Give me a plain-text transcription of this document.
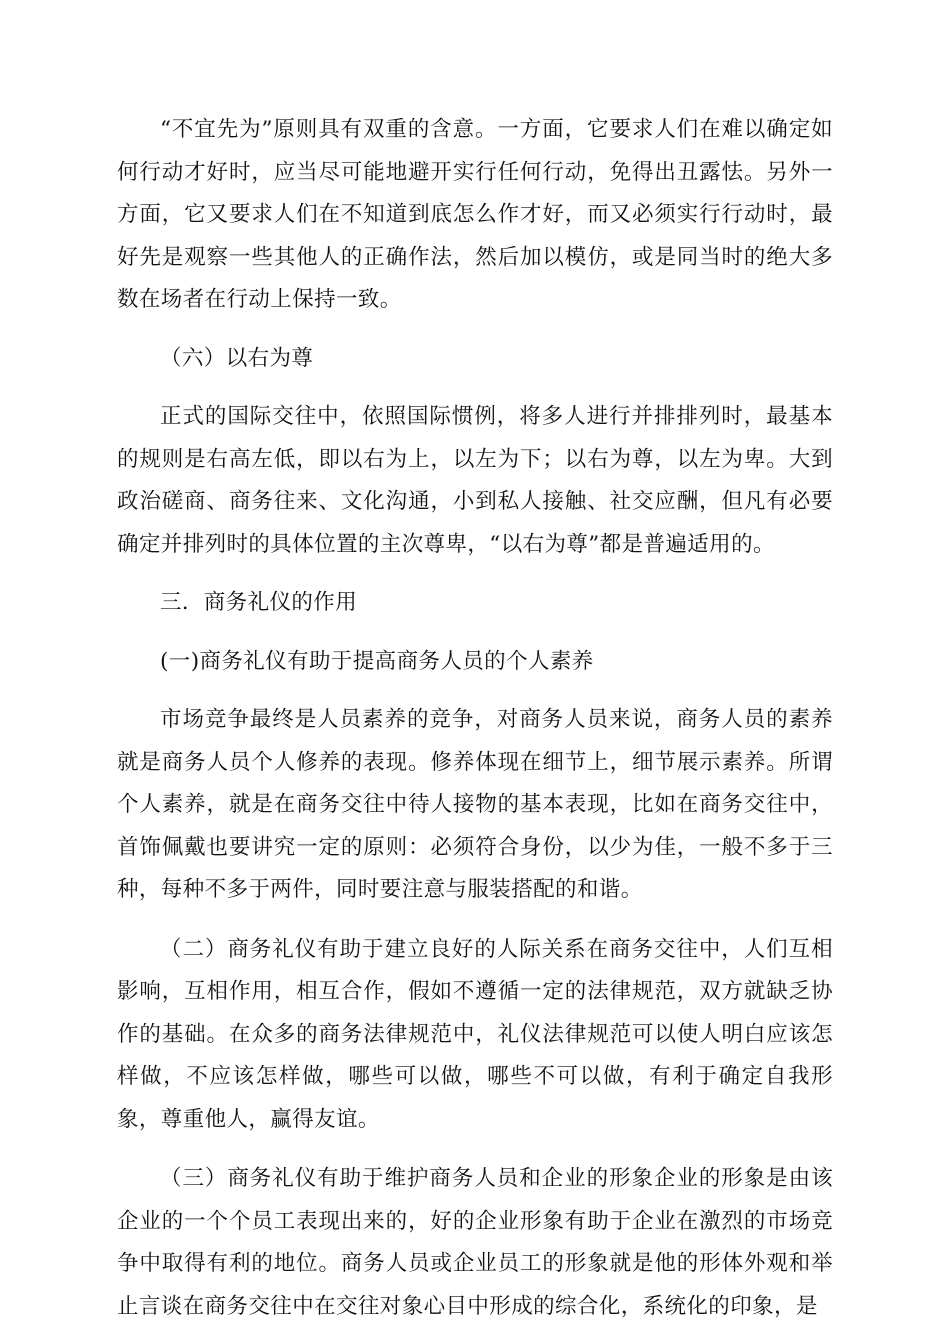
“不宜先为”原则具有双重的含意。一方面，它要求人们在难以确定如何行动才好时，应当尽可能地避开实行任何行动，免得出丑露怯。另外一方面，它又要求人们在不知道到底怎么作才好，而又必须实行行动时，最好先是观察一些其他人的正确作法，然后加以模仿，或是同当时的绝大多数在场者在行动上保持一致。

（六）以右为尊

正式的国际交往中，依照国际惯例，将多人进行并排排列时，最基本的规则是右高左低，即以右为上，以左为下；以右为尊，以左为卑。大到政治磋商、商务往来、文化沟通，小到私人接触、社交应酬，但凡有必要确定并排列时的具体位置的主次尊卑，“以右为尊”都是普遍适用的。

三．商务礼仪的作用

(一)商务礼仪有助于提高商务人员的个人素养

市场竞争最终是人员素养的竞争，对商务人员来说，商务人员的素养就是商务人员个人修养的表现。修养体现在细节上，细节展示素养。所谓个人素养，就是在商务交往中待人接物的基本表现，比如在商务交往中，首饰佩戴也要讲究一定的原则：必须符合身份，以少为佳，一般不多于三种，每种不多于两件，同时要注意与服装搭配的和谐。

（二）商务礼仪有助于建立良好的人际关系在商务交往中，人们互相影响，互相作用，相互合作，假如不遵循一定的法律规范，双方就缺乏协作的基础。在众多的商务法律规范中，礼仪法律规范可以使人明白应该怎样做，不应该怎样做，哪些可以做，哪些不可以做，有利于确定自我形象，尊重他人，赢得友谊。

（三）商务礼仪有助于维护商务人员和企业的形象企业的形象是由该企业的一个个员工表现出来的，好的企业形象有助于企业在激烈的市场竞争中取得有利的地位。商务人员或企业员工的形象就是他的形体外观和举止言谈在商务交往中在交往对象心目中形成的综合化，系统化的印象，是
